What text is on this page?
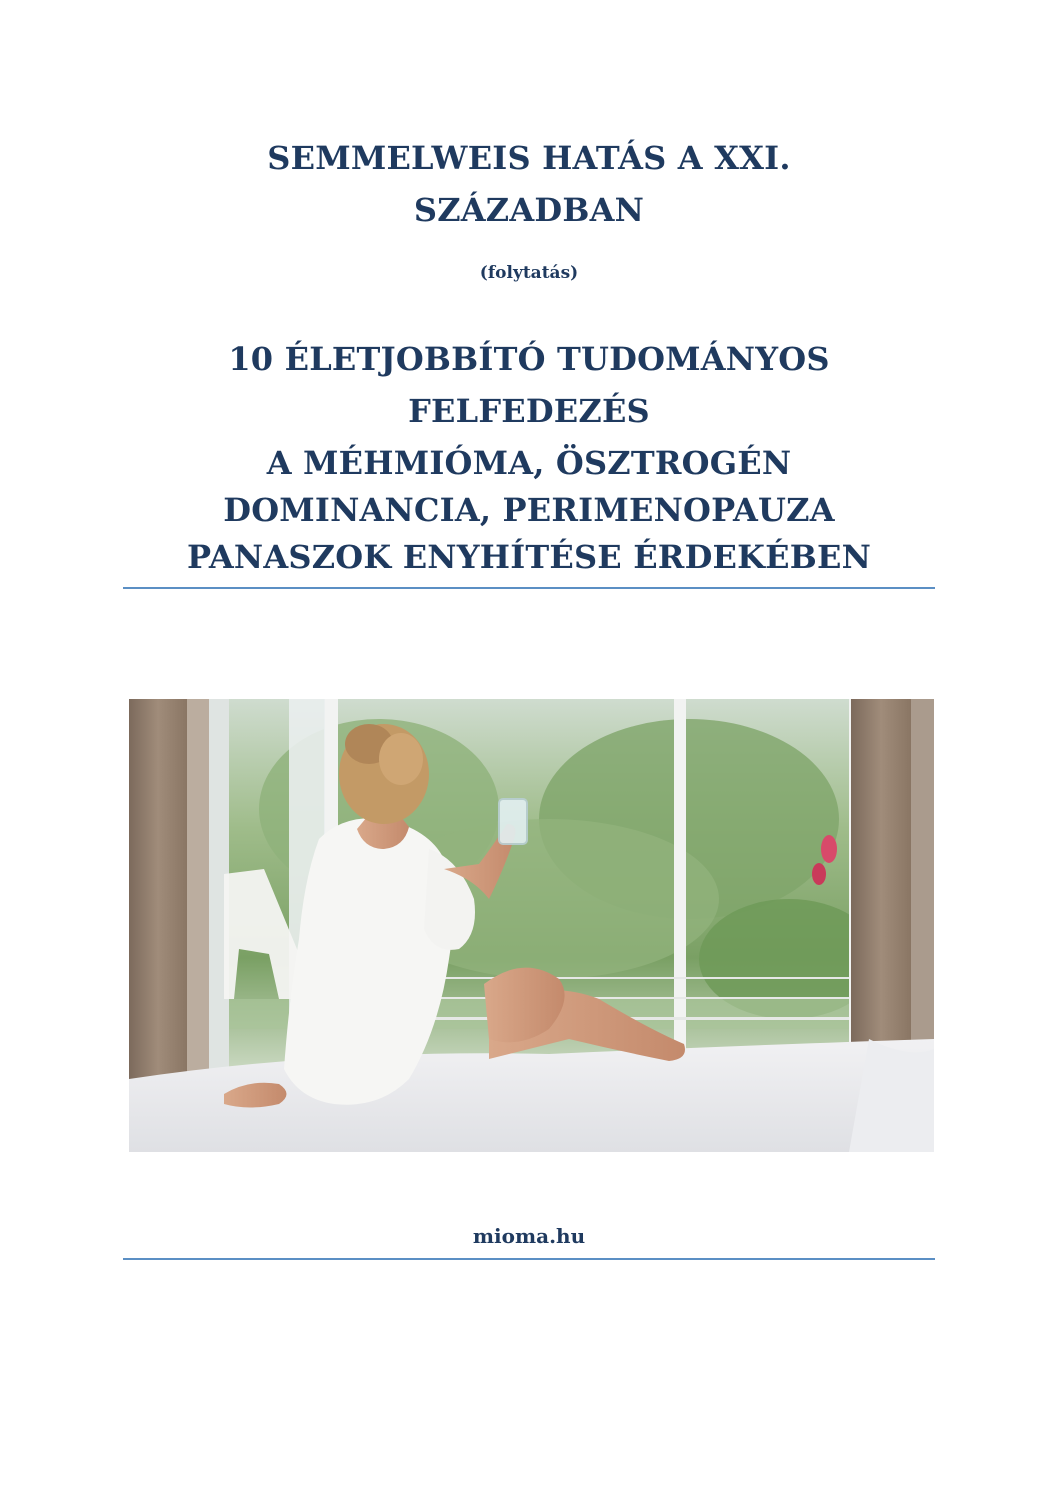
SEMMELWEIS HATÁS A XXI.
SZÁZADBAN
(folytatás)
10 ÉLETJOBBÍTÓ TUDOMÁNYOS
FELFEDEZÉS
A MÉHMIÓMA, ÖSZTROGÉN
DOMINANCIA, PERIMENOPAUZA
PANASZOK ENYHÍTÉSE ÉRDEKÉBEN
mioma.hu
